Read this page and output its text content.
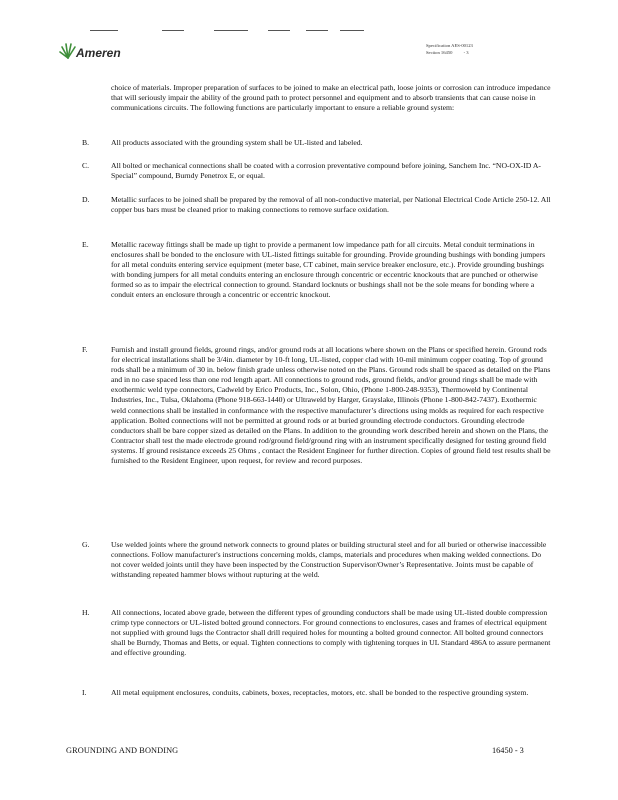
Ameren
Specification AES-00123
Section 16450 - 3
choice of materials. Improper preparation of surfaces to be joined to make an electrical path, loose joints or corrosion can introduce impedance that will seriously impair the ability of the ground path to protect personnel and equipment and to absorb transients that can cause noise in communications circuits. The following functions are particularly important to ensure a reliable ground system:
B.	All products associated with the grounding system shall be UL-listed and labeled.
C.	All bolted or mechanical connections shall be coated with a corrosion preventative compound before joining, Sanchem Inc. “NO-OX-ID A-Special” compound, Burndy Penetrox E, or equal.
D.	Metallic surfaces to be joined shall be prepared by the removal of all non-conductive material, per National Electrical Code Article 250-12. All copper bus bars must be cleaned prior to making connections to remove surface oxidation.
E.	Metallic raceway fittings shall be made up tight to provide a permanent low impedance path for all circuits. Metal conduit terminations in enclosures shall be bonded to the enclosure with UL-listed fittings suitable for grounding. Provide grounding bushings with bonding jumpers for all metal conduits entering service equipment (meter base, CT cabinet, main service breaker enclosure, etc.). Provide grounding bushings with bonding jumpers for all metal conduits entering an enclosure through concentric or eccentric knockouts that are punched or otherwise formed so as to impair the electrical connection to ground. Standard locknuts or bushings shall not be the sole means for bonding where a conduit enters an enclosure through a concentric or eccentric knockout.
F.	Furnish and install ground fields, ground rings, and/or ground rods at all locations where shown on the Plans or specified herein. Ground rods for electrical installations shall be 3/4in. diameter by 10-ft long, UL-listed, copper clad with 10-mil minimum copper coating. Top of ground rods shall be a minimum of 30 in. below finish grade unless otherwise noted on the Plans. Ground rods shall be spaced as detailed on the Plans and in no case spaced less than one rod length apart. All connections to ground rods, ground fields, and/or ground rings shall be made with exothermic weld type connectors, Cadweld by Erico Products, Inc., Solon, Ohio, (Phone 1-800-248-9353), Thermoweld by Continental Industries, Inc., Tulsa, Oklahoma (Phone 918-663-1440) or Ultraweld by Harger, Grayslake, Illinois (Phone 1-800-842-7437). Exothermic weld connections shall be installed in conformance with the respective manufacturer’s directions using molds as required for each respective application. Bolted connections will not be permitted at ground rods or at buried grounding electrode conductors. Grounding electrode conductors shall be bare copper sized as detailed on the Plans. In addition to the grounding work described herein and shown on the Plans, the Contractor shall test the made electrode ground rod/ground field/ground ring with an instrument specifically designed for testing ground field systems. If ground resistance exceeds 25 Ohms , contact the Resident Engineer for further direction. Copies of ground field test results shall be furnished to the Resident Engineer, upon request, for review and record purposes.
G.	Use welded joints where the ground network connects to ground plates or building structural steel and for all buried or otherwise inaccessible connections. Follow manufacturer's instructions concerning molds, clamps, materials and procedures when making welded connections. Do not cover welded joints until they have been inspected by the Construction Supervisor/Owner’s Representative. Joints must be capable of withstanding repeated hammer blows without rupturing at the weld.
H.	All connections, located above grade, between the different types of grounding conductors shall be made using UL-listed double compression crimp type connectors or UL-listed bolted ground connectors. For ground connections to enclosures, cases and frames of electrical equipment not supplied with ground lugs the Contractor shall drill required holes for mounting a bolted ground connector. All bolted ground connectors shall be Burndy, Thomas and Betts, or equal. Tighten connections to comply with tightening torques in UL Standard 486A to assure permanent and effective grounding.
I.	All metal equipment enclosures, conduits, cabinets, boxes, receptacles, motors, etc. shall be bonded to the respective grounding system.
GROUNDING AND BONDING	16450 - 3
